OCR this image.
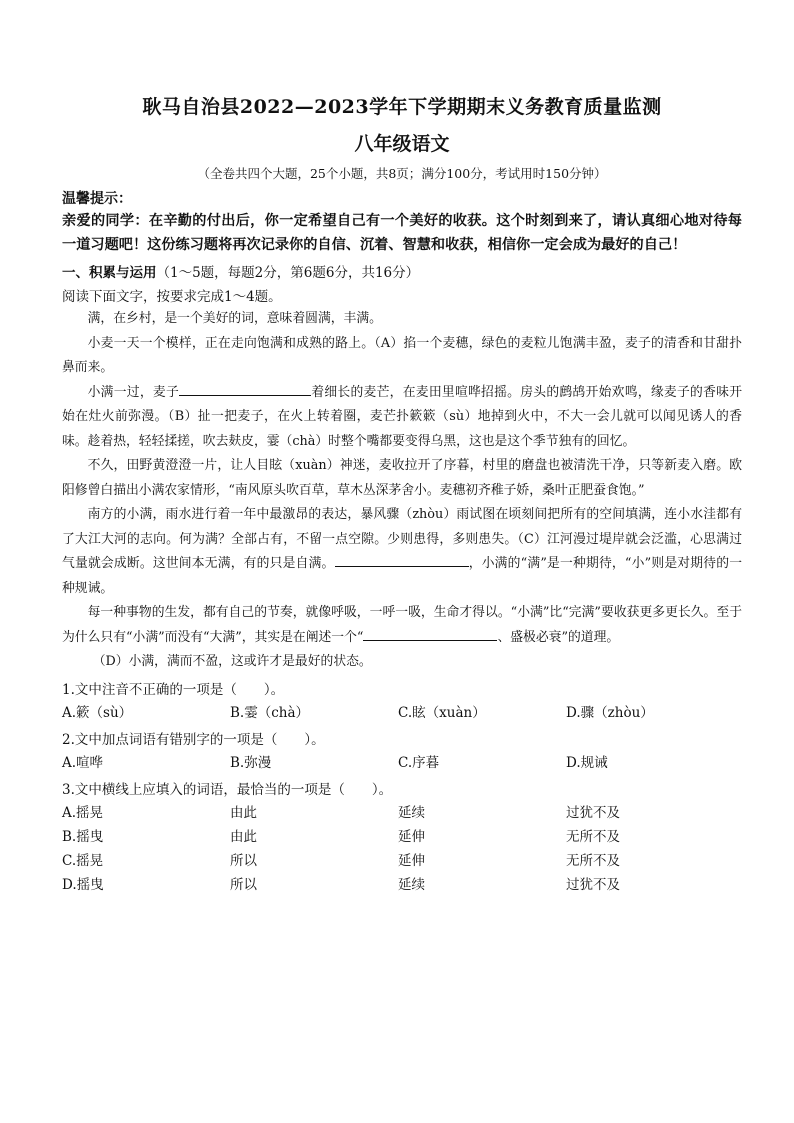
耿马自治县2022—2023学年下学期期末义务教育质量监测
八年级语文
（全卷共四个大题，25个小题，共8页；满分100分，考试用时150分钟）
温馨提示：
亲爱的同学：在辛勤的付出后，你一定希望自己有一个美好的收获。这个时刻到来了，请认真细心地对待每一道习题吧！这份练习题将再次记录你的自信、沉着、智慧和收获，相信你一定会成为最好的自己！
一、积累与运用（1～5题，每题2分，第6题6分，共16分）
阅读下面文字，按要求完成1～4题。

满，在乡村，是一个美好的词，意味着圆满，丰满。

小麦一天一个模样，正在走向饱满和成熟的路上。（A）掐一个麦穗，绿色的麦粒儿饱满丰盈，麦子的清香和甘甜扑鼻而来。

小满一过，麦子	着细长的麦芒，在麦田里喧哗招摇。房头的鹧鸪开始欢鸣，缘麦子的香味开始在灶火前弥漫。（B）扯一把麦子，在火上转着圈，麦芒扑簌簌（sù）地掉到火中，不大一会儿就可以闻见诱人的香味。趁着热，轻轻揉搓，吹去麸皮，霎（chà）时整个嘴都要变得乌黑，这也是这个季节独有的回忆。

不久，田野黄澄澄一片，让人目眩（xuàn）神迷，麦收拉开了序暮，村里的磨盘也被清洗干净，只等新麦入磨。欧阳修曾白描出小满农家情形，“南风原头吹百草，草木丛深茅舍小。麦穗初齐稚子娇，桑叶正肥蚕食饱。”

南方的小满，雨水进行着一年中最激昂的表达，暴风骤（zhòu）雨试图在顷刻间把所有的空间填满，连小水洼都有了大江大河的志向。何为满？全部占有，不留一点空隙。少则患得，多则患失。（C）江河漫过堤岸就会泛滥，心思满过气量就会成断。这世间本无满，有的只是自满。	，小满的“满”是一种期待，“小”则是对期待的一种规诫。

每一种事物的生发，都有自己的节奏，就像呼吸，一呼一吸，生命才得以。“小满”比“完满”要收获更多更长久。至于为什么只有“小满”而没有“大满”，其实是在阐述一个“	、盛极必衰”的道理。

（D）小满，满而不盈，这或许才是最好的状态。

1.文中注音不正确的一项是（　　）。
A.簌（sù）	B.霎（chà）	C.眩（xuàn）	D.骤（zhòu）
2.文中加点词语有错别字的一项是（　　）。
A.喧哗	B.弥漫	C.序暮	D.规诫
3.文中横线上应填入的词语，最恰当的一项是（　　）。
A.摇晃	由此	延续	过犹不及
B.摇曳	由此	延伸	无所不及
C.摇晃	所以	延伸	无所不及
D.摇曳	所以	延续	过犹不及
